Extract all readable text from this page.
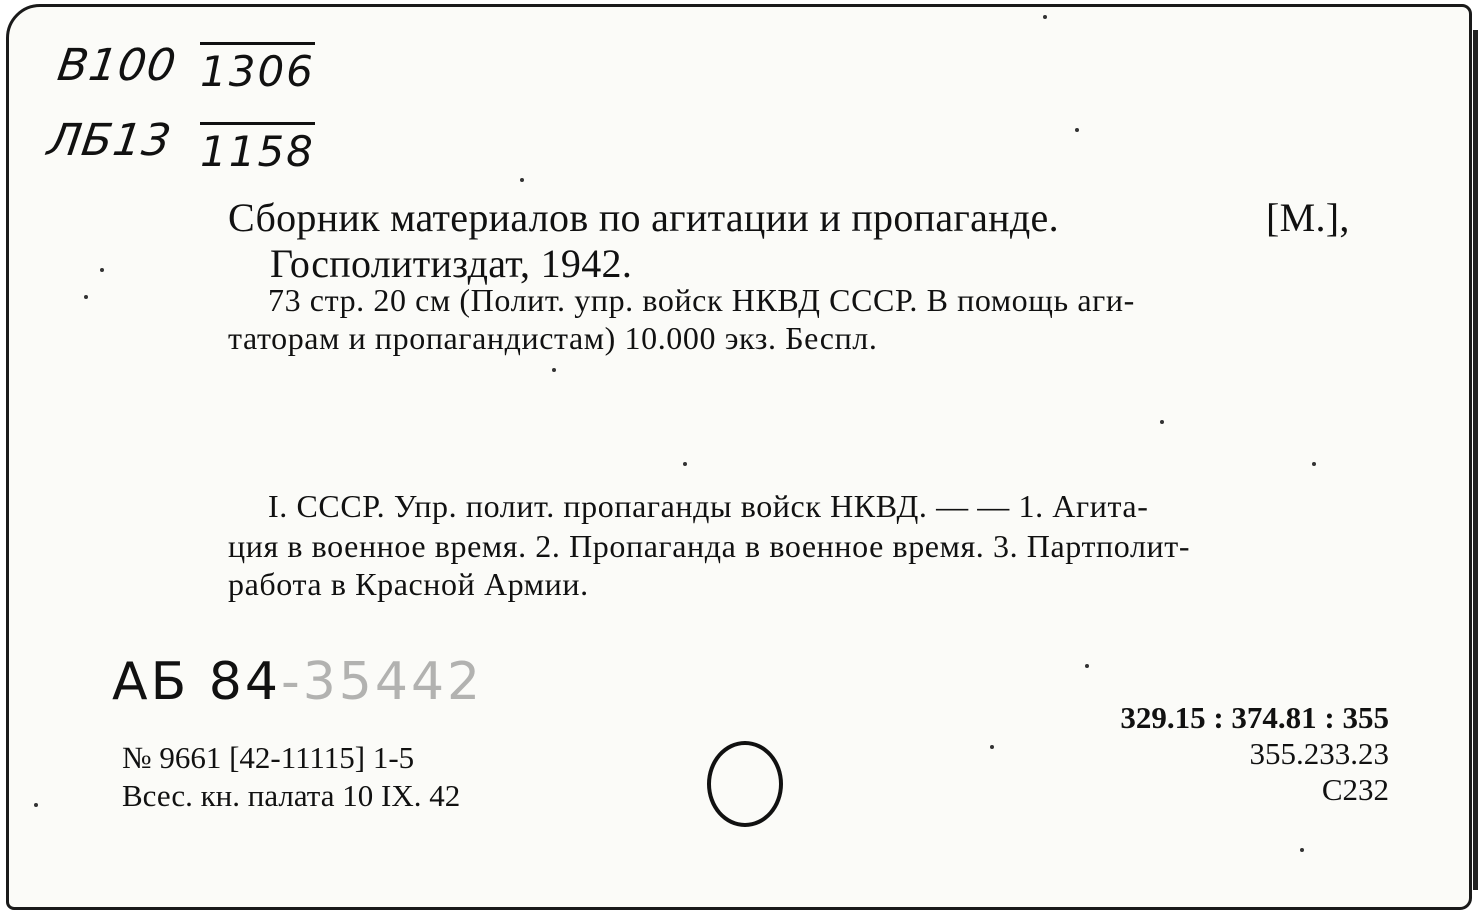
В100 1306
ЛБ13 1158
Сборник материалов по агитации и пропаганде.	[М.],
Госполитиздат, 1942.
73 стр. 20 см (Полит. упр. войск НКВД СССР. В помощь аги-
таторам и пропагандистам) 10.000 экз. Беспл.
I. СССР. Упр. полит. пропаганды войск НКВД. — — 1. Агита-
ция в военное время. 2. Пропаганда в военное время. 3. Партполит-
работа в Красной Армии.
АБ 84-35442
№ 9661 [42-11115] 1-5
Всес. кн. палата 10 IX. 42
329.15 : 374.81 : 355
355.233.23
С232
